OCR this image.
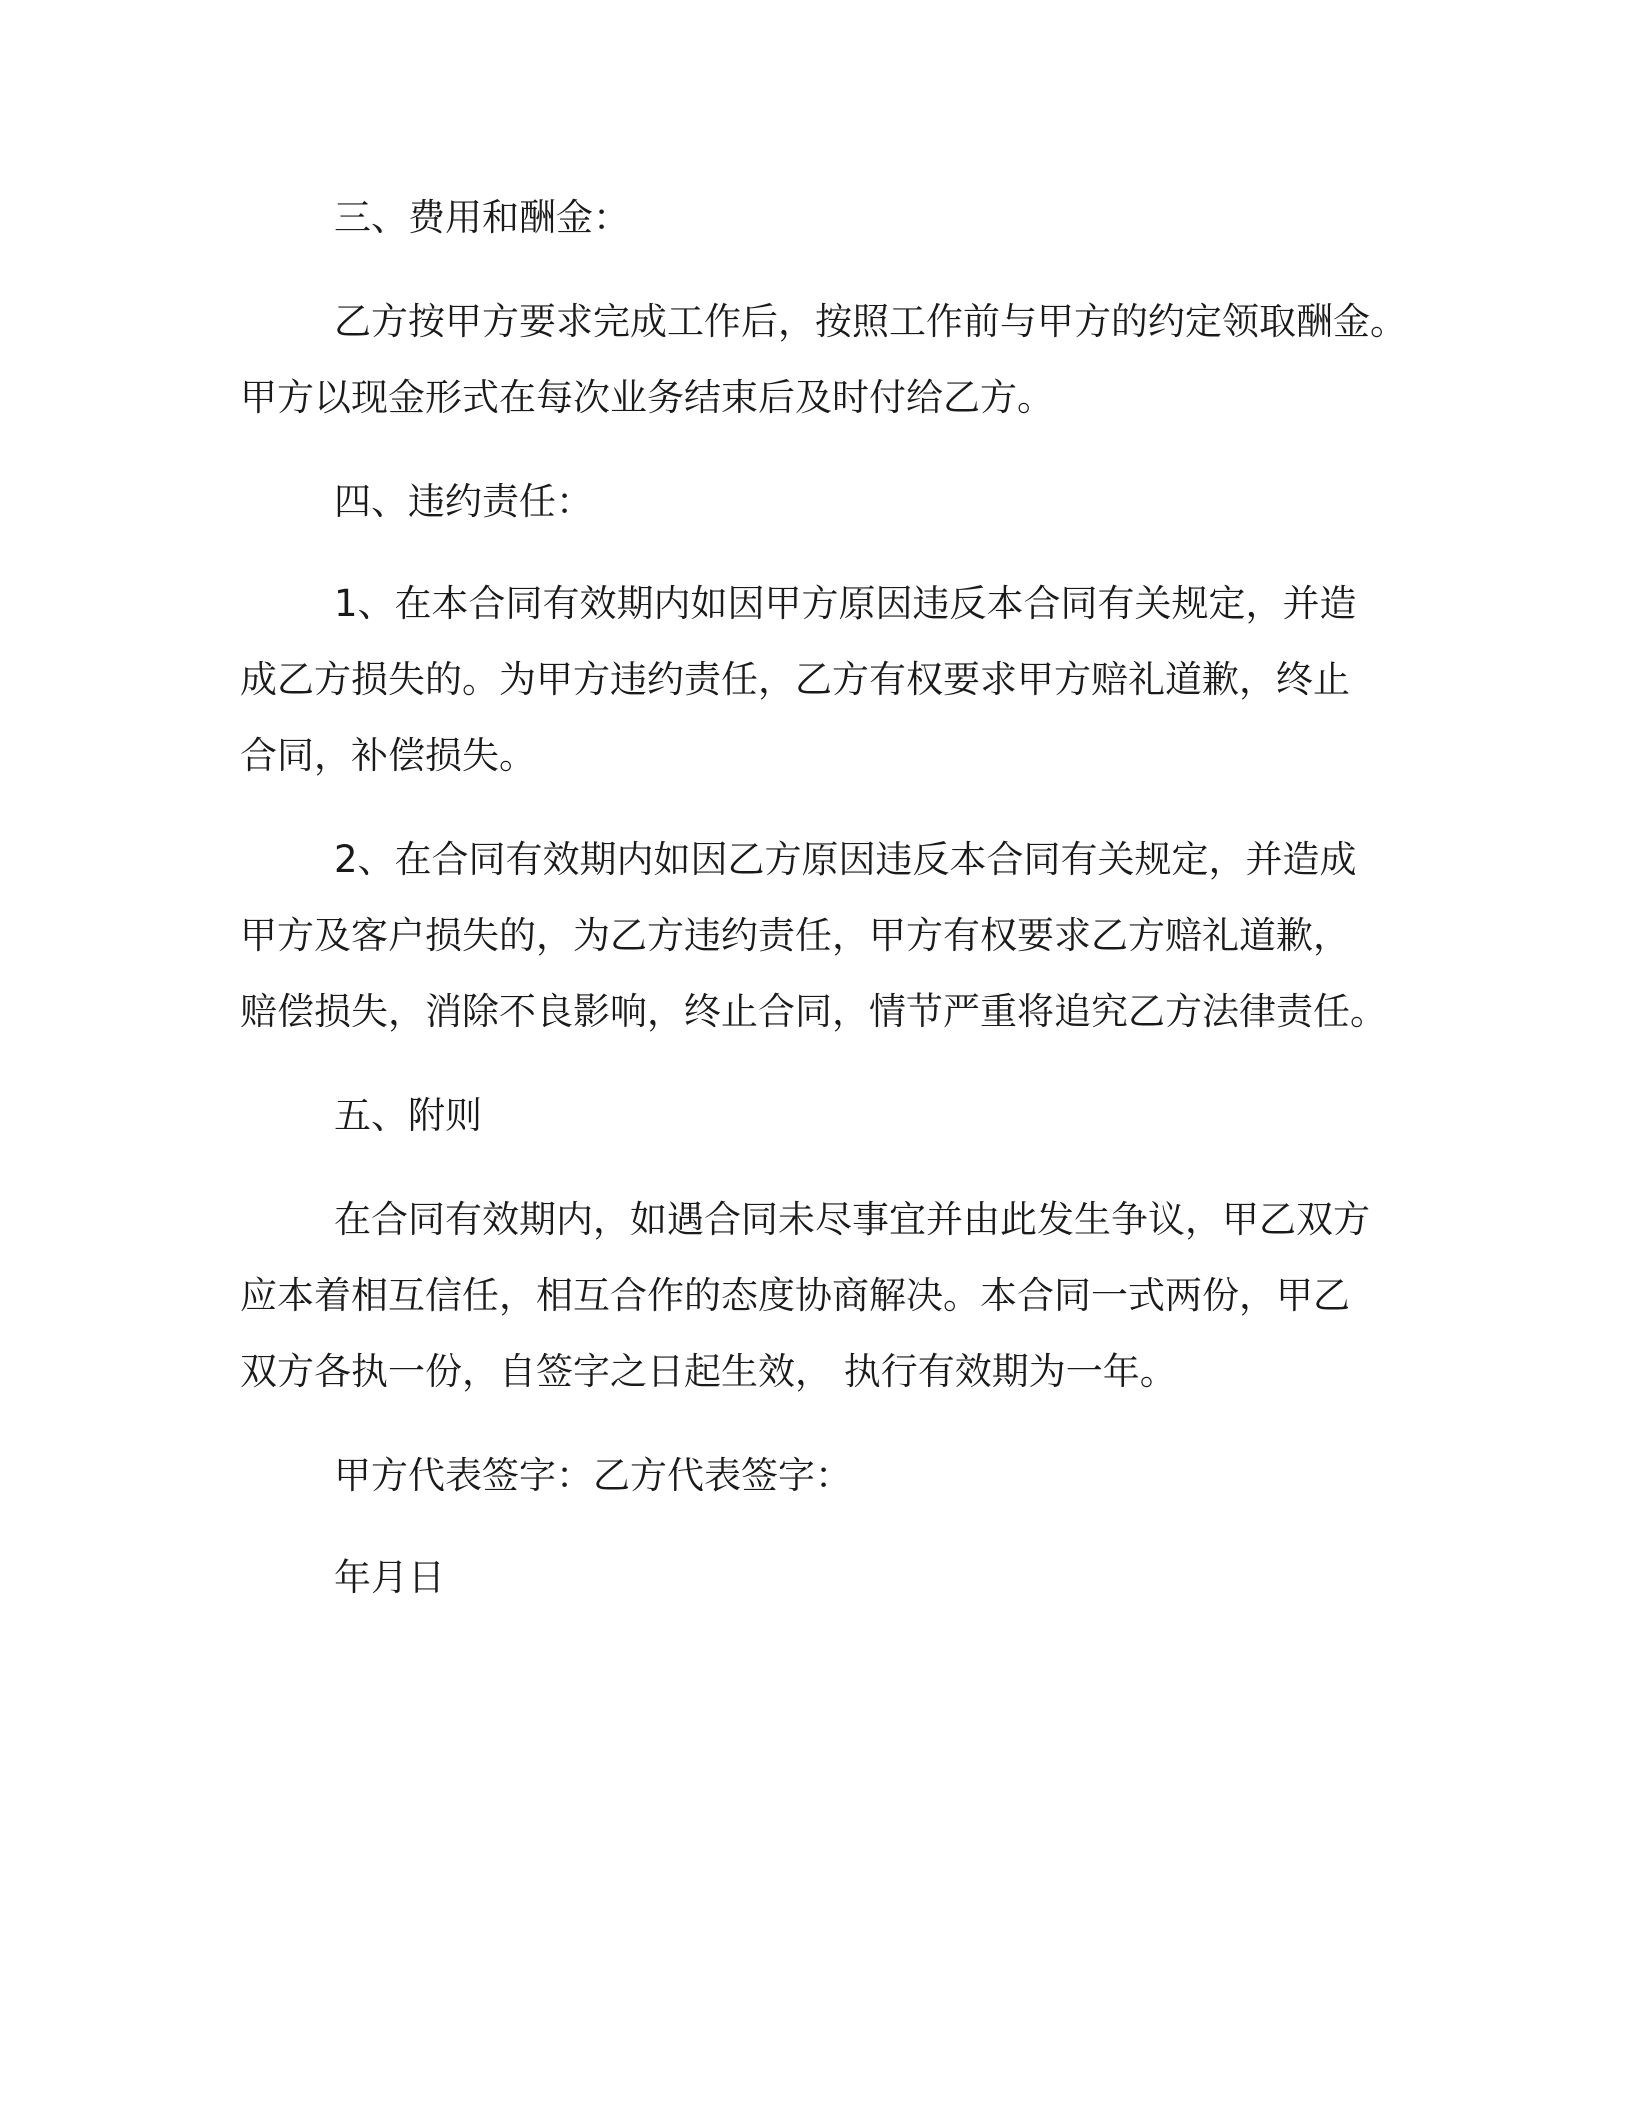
三、费用和酬金：
乙方按甲方要求完成工作后，按照工作前与甲方的约定领取酬金。
甲方以现金形式在每次业务结束后及时付给乙方。
四、违约责任：
1、在本合同有效期内如因甲方原因违反本合同有关规定，并造
成乙方损失的。为甲方违约责任，乙方有权要求甲方赔礼道歉，终止
合同，补偿损失。
2、在合同有效期内如因乙方原因违反本合同有关规定，并造成
甲方及客户损失的，为乙方违约责任，甲方有权要求乙方赔礼道歉，
赔偿损失，消除不良影响，终止合同，情节严重将追究乙方法律责任。
五、附则
在合同有效期内，如遇合同未尽事宜并由此发生争议，甲乙双方
应本着相互信任，相互合作的态度协商解决。本合同一式两份，甲乙
双方各执一份，自签字之日起生效， 执行有效期为一年。
甲方代表签字：乙方代表签字：
年月日
